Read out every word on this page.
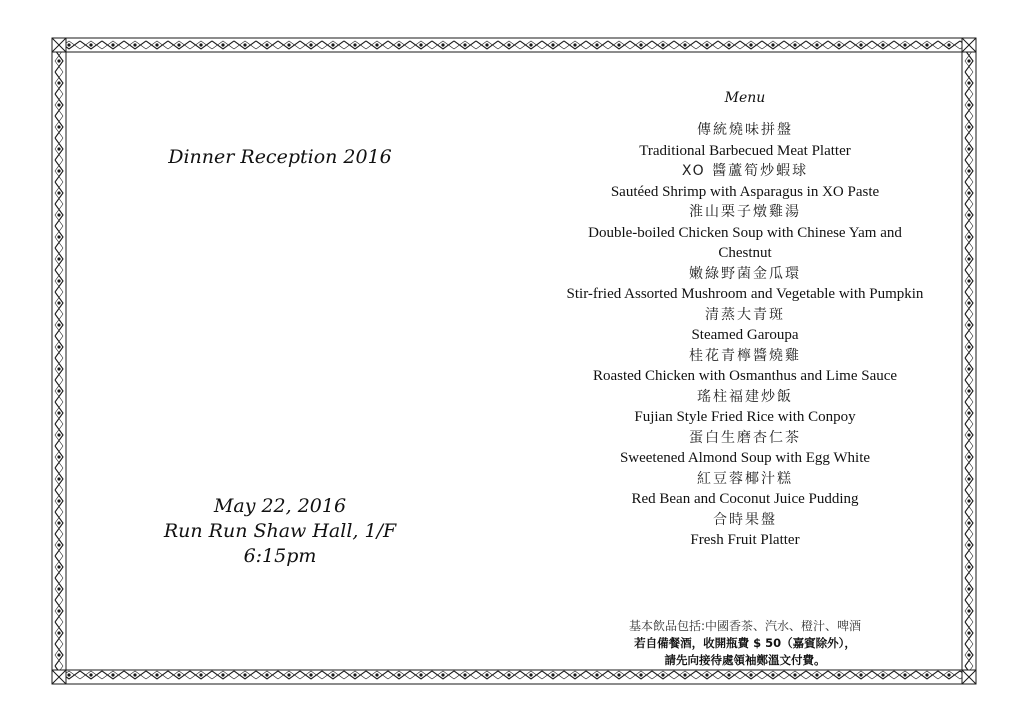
Dinner Reception 2016
May 22, 2016
Run Run Shaw Hall, 1/F
6:15pm
Menu
傳統燒味拼盤
Traditional Barbecued Meat Platter
XO 醬蘆筍炒蝦球
Sautéed Shrimp with Asparagus in XO Paste
淮山栗子燉雞湯
Double-boiled Chicken Soup with Chinese Yam and Chestnut
嫩綠野菌金瓜環
Stir-fried Assorted Mushroom and Vegetable with Pumpkin
清蒸大青斑
Steamed Garoupa
桂花青檸醬燒雞
Roasted Chicken with Osmanthus and Lime Sauce
瑤柱福建炒飯
Fujian Style Fried Rice with Conpoy
蛋白生磨杏仁茶
Sweetened Almond Soup with Egg White
紅豆蓉椰汁糕
Red Bean and Coconut Juice Pudding
合時果盤
Fresh Fruit Platter
基本飲品包括:中國香茶、汽水、橙汁、啤酒
若自備餐酒，收開瓶費 $ 50（嘉賓除外），
請先向接待處領袖鄭溫文付費。
